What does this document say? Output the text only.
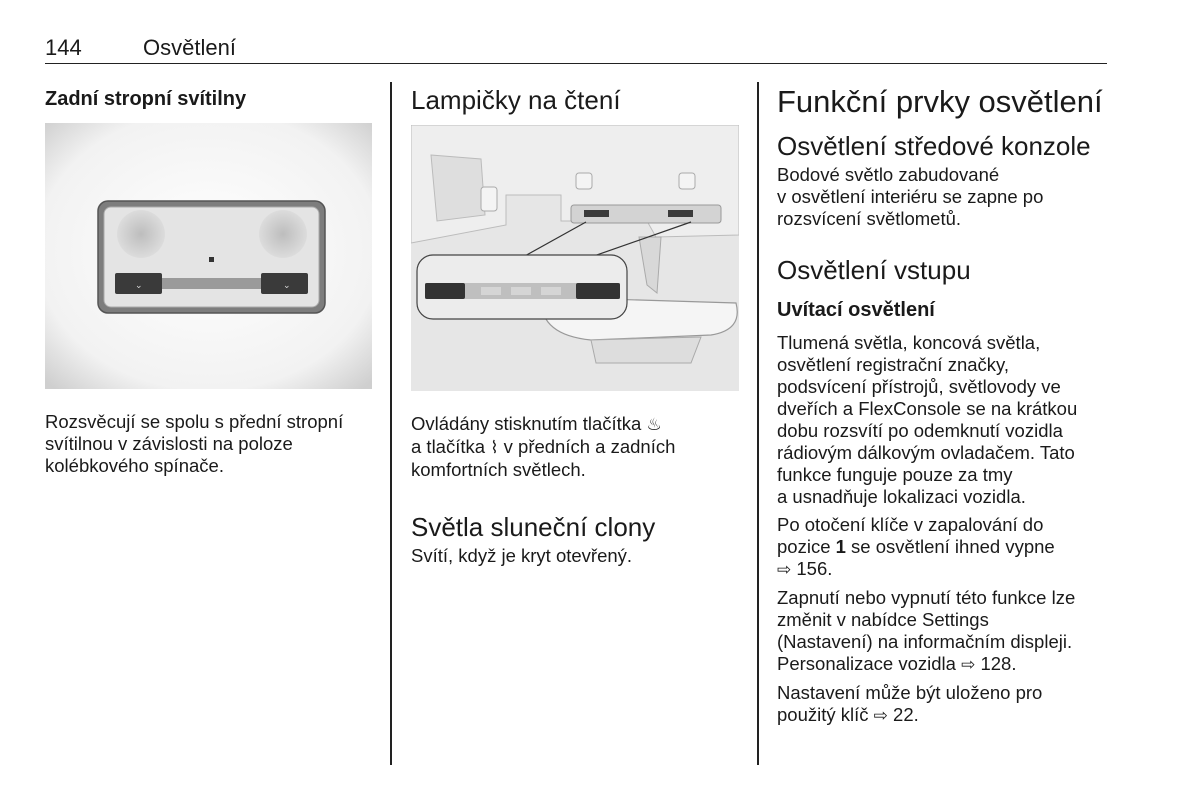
144	Osvětlení
Zadní stropní svítilny
⌄	⌄

Rozsvěcují se spolu s přední stropní

svítilnou v závislosti na poloze

kolébkového spínače.

Lampičky na čtení

Ovládány stisknutím tlačítka ♨

a tlačítka ⌇ v předních a zadních

komfortních světlech.

Světla sluneční clony

Svítí, když je kryt otevřený.

Funkční prvky osvětlení
Osvětlení středové konzole

Bodové světlo zabudované

v osvětlení interiéru se zapne po

rozsvícení světlometů.

Osvětlení vstupu
Uvítací osvětlení

Tlumená světla, koncová světla,

osvětlení registrační značky,

podsvícení přístrojů, světlovody ve

dveřích a FlexConsole se na krátkou

dobu rozsvítí po odemknutí vozidla

rádiovým dálkovým ovladačem. Tato

funkce funguje pouze za tmy

a usnadňuje lokalizaci vozidla.

Po otočení klíče v zapalování do

pozice 1 se osvětlení ihned vypne

⇨ 156.

Zapnutí nebo vypnutí této funkce lze

změnit v nabídce Settings

(Nastavení) na informačním displeji.

Personalizace vozidla ⇨ 128.

Nastavení může být uloženo pro

použitý klíč ⇨ 22.
